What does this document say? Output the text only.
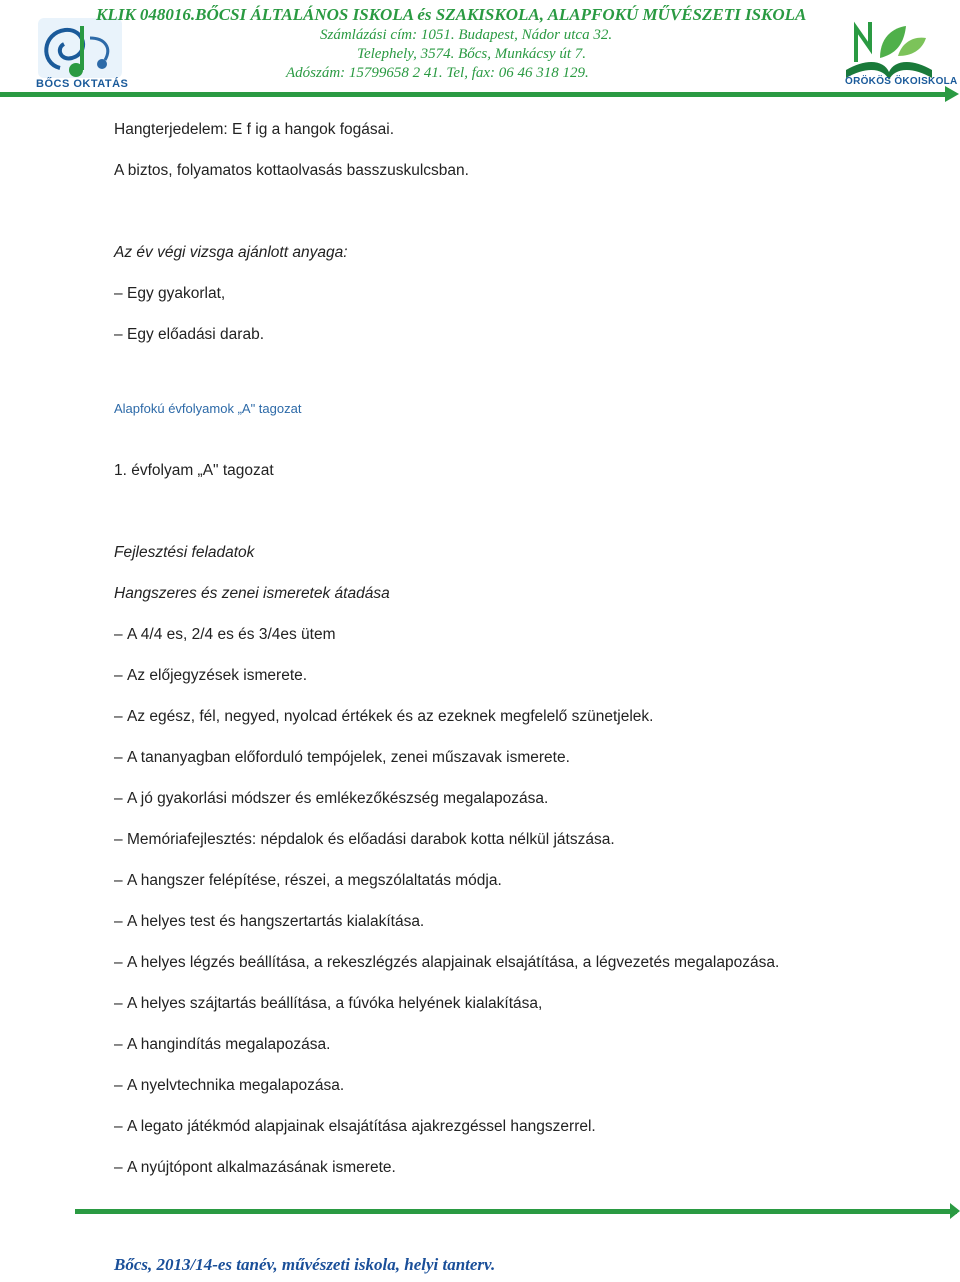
BŐCS OKTATÁS
KLIK 048016.BŐCSI ÁLTALÁNOS ISKOLA és SZAKISKOLA, ALAPFOKÚ MŰVÉSZETI ISKOLA
Számlázási cím: 1051. Budapest, Nádor utca 32.
Telephely, 3574. Bőcs, Munkácsy út 7.
Adószám: 15799658 2 41. Tel, fax: 06 46 318 129.
ÖRÖKÖS ÖKOISKOLA
Hangterjedelem: E f ig a hangok fogásai.
A biztos, folyamatos kottaolvasás basszuskulcsban.
Az év végi vizsga ajánlott anyaga:
– Egy gyakorlat,
– Egy előadási darab.
Alapfokú évfolyamok „A" tagozat
1. évfolyam „A" tagozat
Fejlesztési feladatok
Hangszeres és zenei ismeretek átadása
– A 4/4 es, 2/4 es és 3/4es ütem
– Az előjegyzések ismerete.
– Az egész, fél, negyed, nyolcad értékek és az ezeknek megfelelő szünetjelek.
– A tananyagban előforduló tempójelek, zenei műszavak ismerete.
– A jó gyakorlási módszer és emlékezőkészség megalapozása.
– Memóriafejlesztés: népdalok és előadási darabok kotta nélkül játszása.
– A hangszer felépítése, részei, a megszólaltatás módja.
– A helyes test és hangszertartás kialakítása.
– A helyes légzés beállítása, a rekeszlégzés alapjainak elsajátítása, a légvezetés megalapozása.
– A helyes szájtartás beállítása, a fúvóka helyének kialakítása,
– A hangindítás megalapozása.
– A nyelvtechnika megalapozása.
– A legato játékmód alapjainak elsajátítása ajakrezgéssel hangszerrel.
– A nyújtópont alkalmazásának ismerete.
Bőcs, 2013/14-es tanév, művészeti iskola, helyi tanterv.
